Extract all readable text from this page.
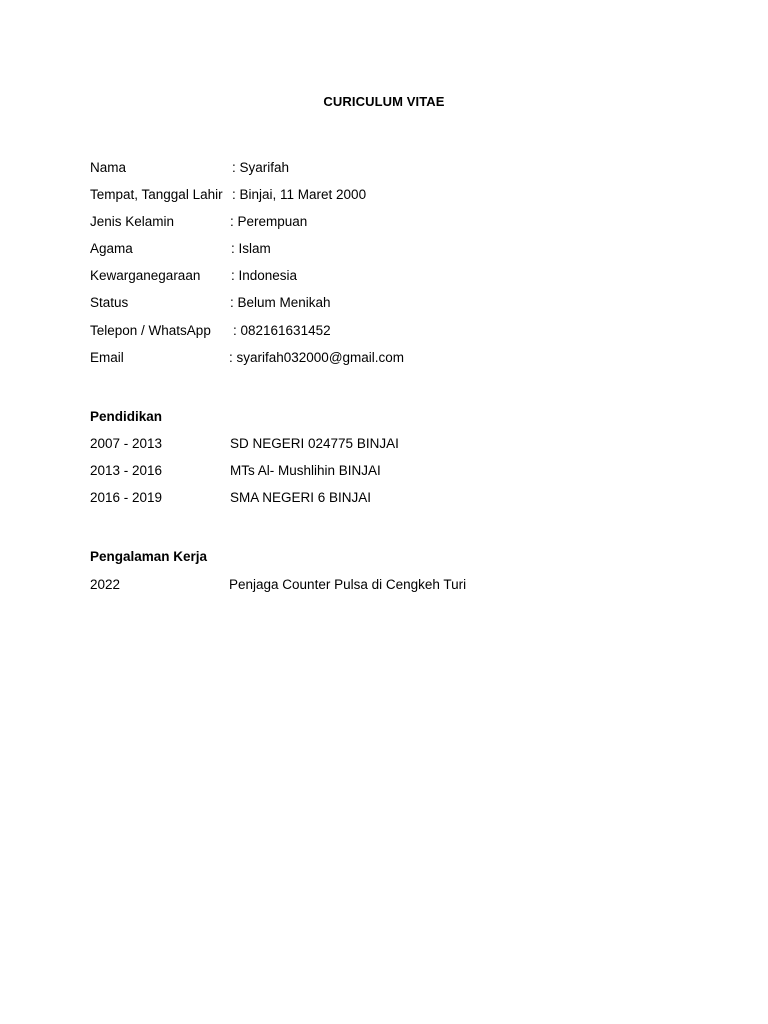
CURICULUM VITAE
Nama	: Syarifah
Tempat, Tanggal Lahir : Binjai, 11 Maret 2000
Jenis Kelamin	: Perempuan
Agama	: Islam
Kewarganegaraan : Indonesia
Status	: Belum Menikah
Telepon / WhatsApp : 082161631452
Email	: syarifah032000@gmail.com
Pendidikan
2007 - 2013	SD NEGERI 024775 BINJAI
2013 - 2016	MTs Al- Mushlihin BINJAI
2016 - 2019	SMA NEGERI 6 BINJAI
Pengalaman Kerja
2022	Penjaga Counter Pulsa di Cengkeh Turi
